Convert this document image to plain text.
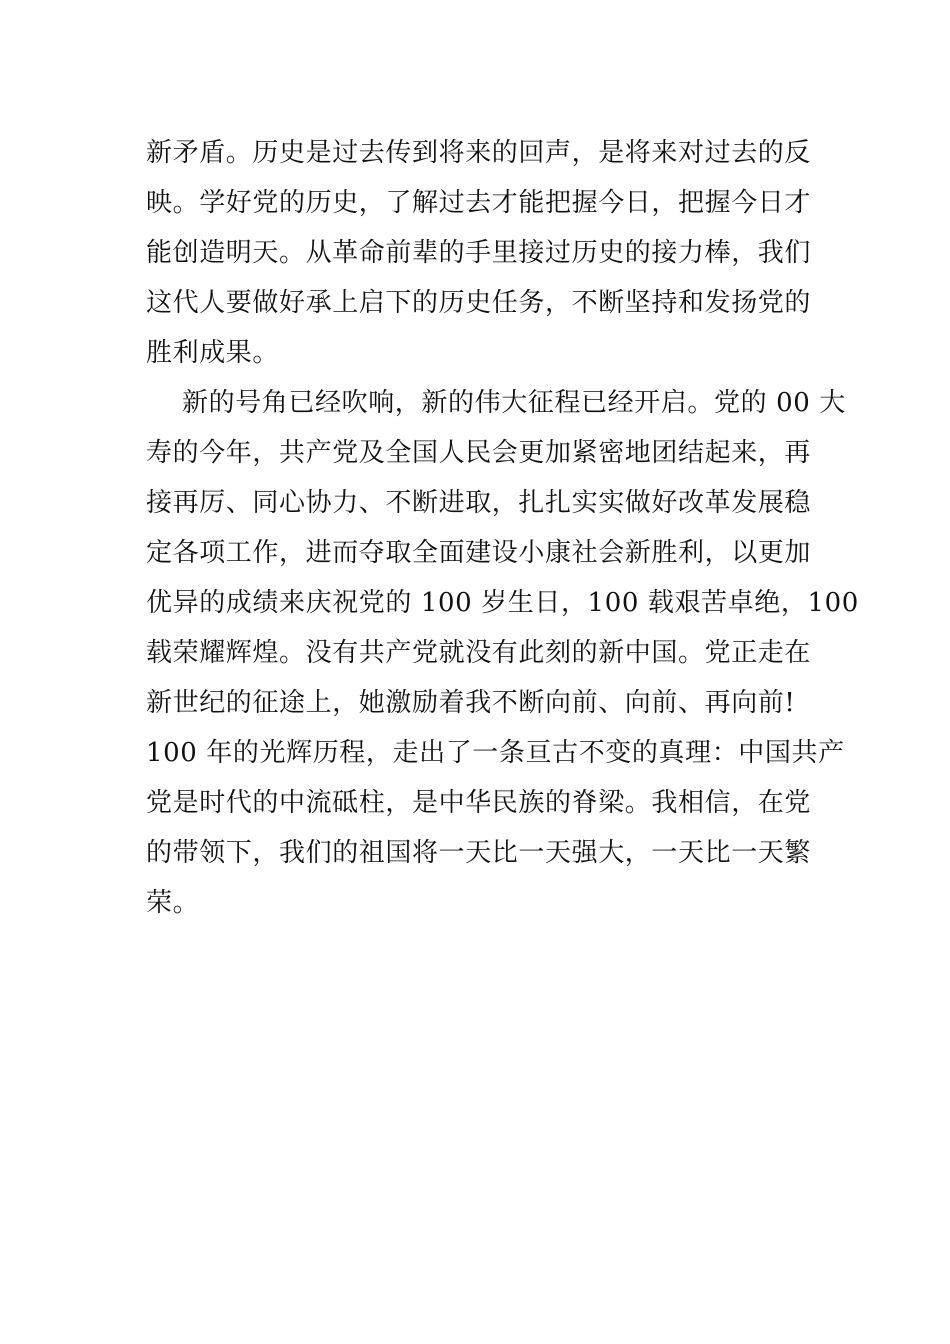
新矛盾。历史是过去传到将来的回声，是将来对过去的反
映。学好党的历史，了解过去才能把握今日，把握今日才
能创造明天。从革命前辈的手里接过历史的接力棒，我们
这代人要做好承上启下的历史任务，不断坚持和发扬党的
胜利成果。
新的号角已经吹响，新的伟大征程已经开启。党的 00 大
寿的今年，共产党及全国人民会更加紧密地团结起来，再
接再厉、同心协力、不断进取，扎扎实实做好改革发展稳
定各项工作，进而夺取全面建设小康社会新胜利，以更加
优异的成绩来庆祝党的 100 岁生日，100 载艰苦卓绝，100
载荣耀辉煌。没有共产党就没有此刻的新中国。党正走在
新世纪的征途上，她激励着我不断向前、向前、再向前!
100 年的光辉历程，走出了一条亘古不变的真理：中国共产
党是时代的中流砥柱，是中华民族的脊梁。我相信，在党
的带领下，我们的祖国将一天比一天强大，一天比一天繁
荣。
